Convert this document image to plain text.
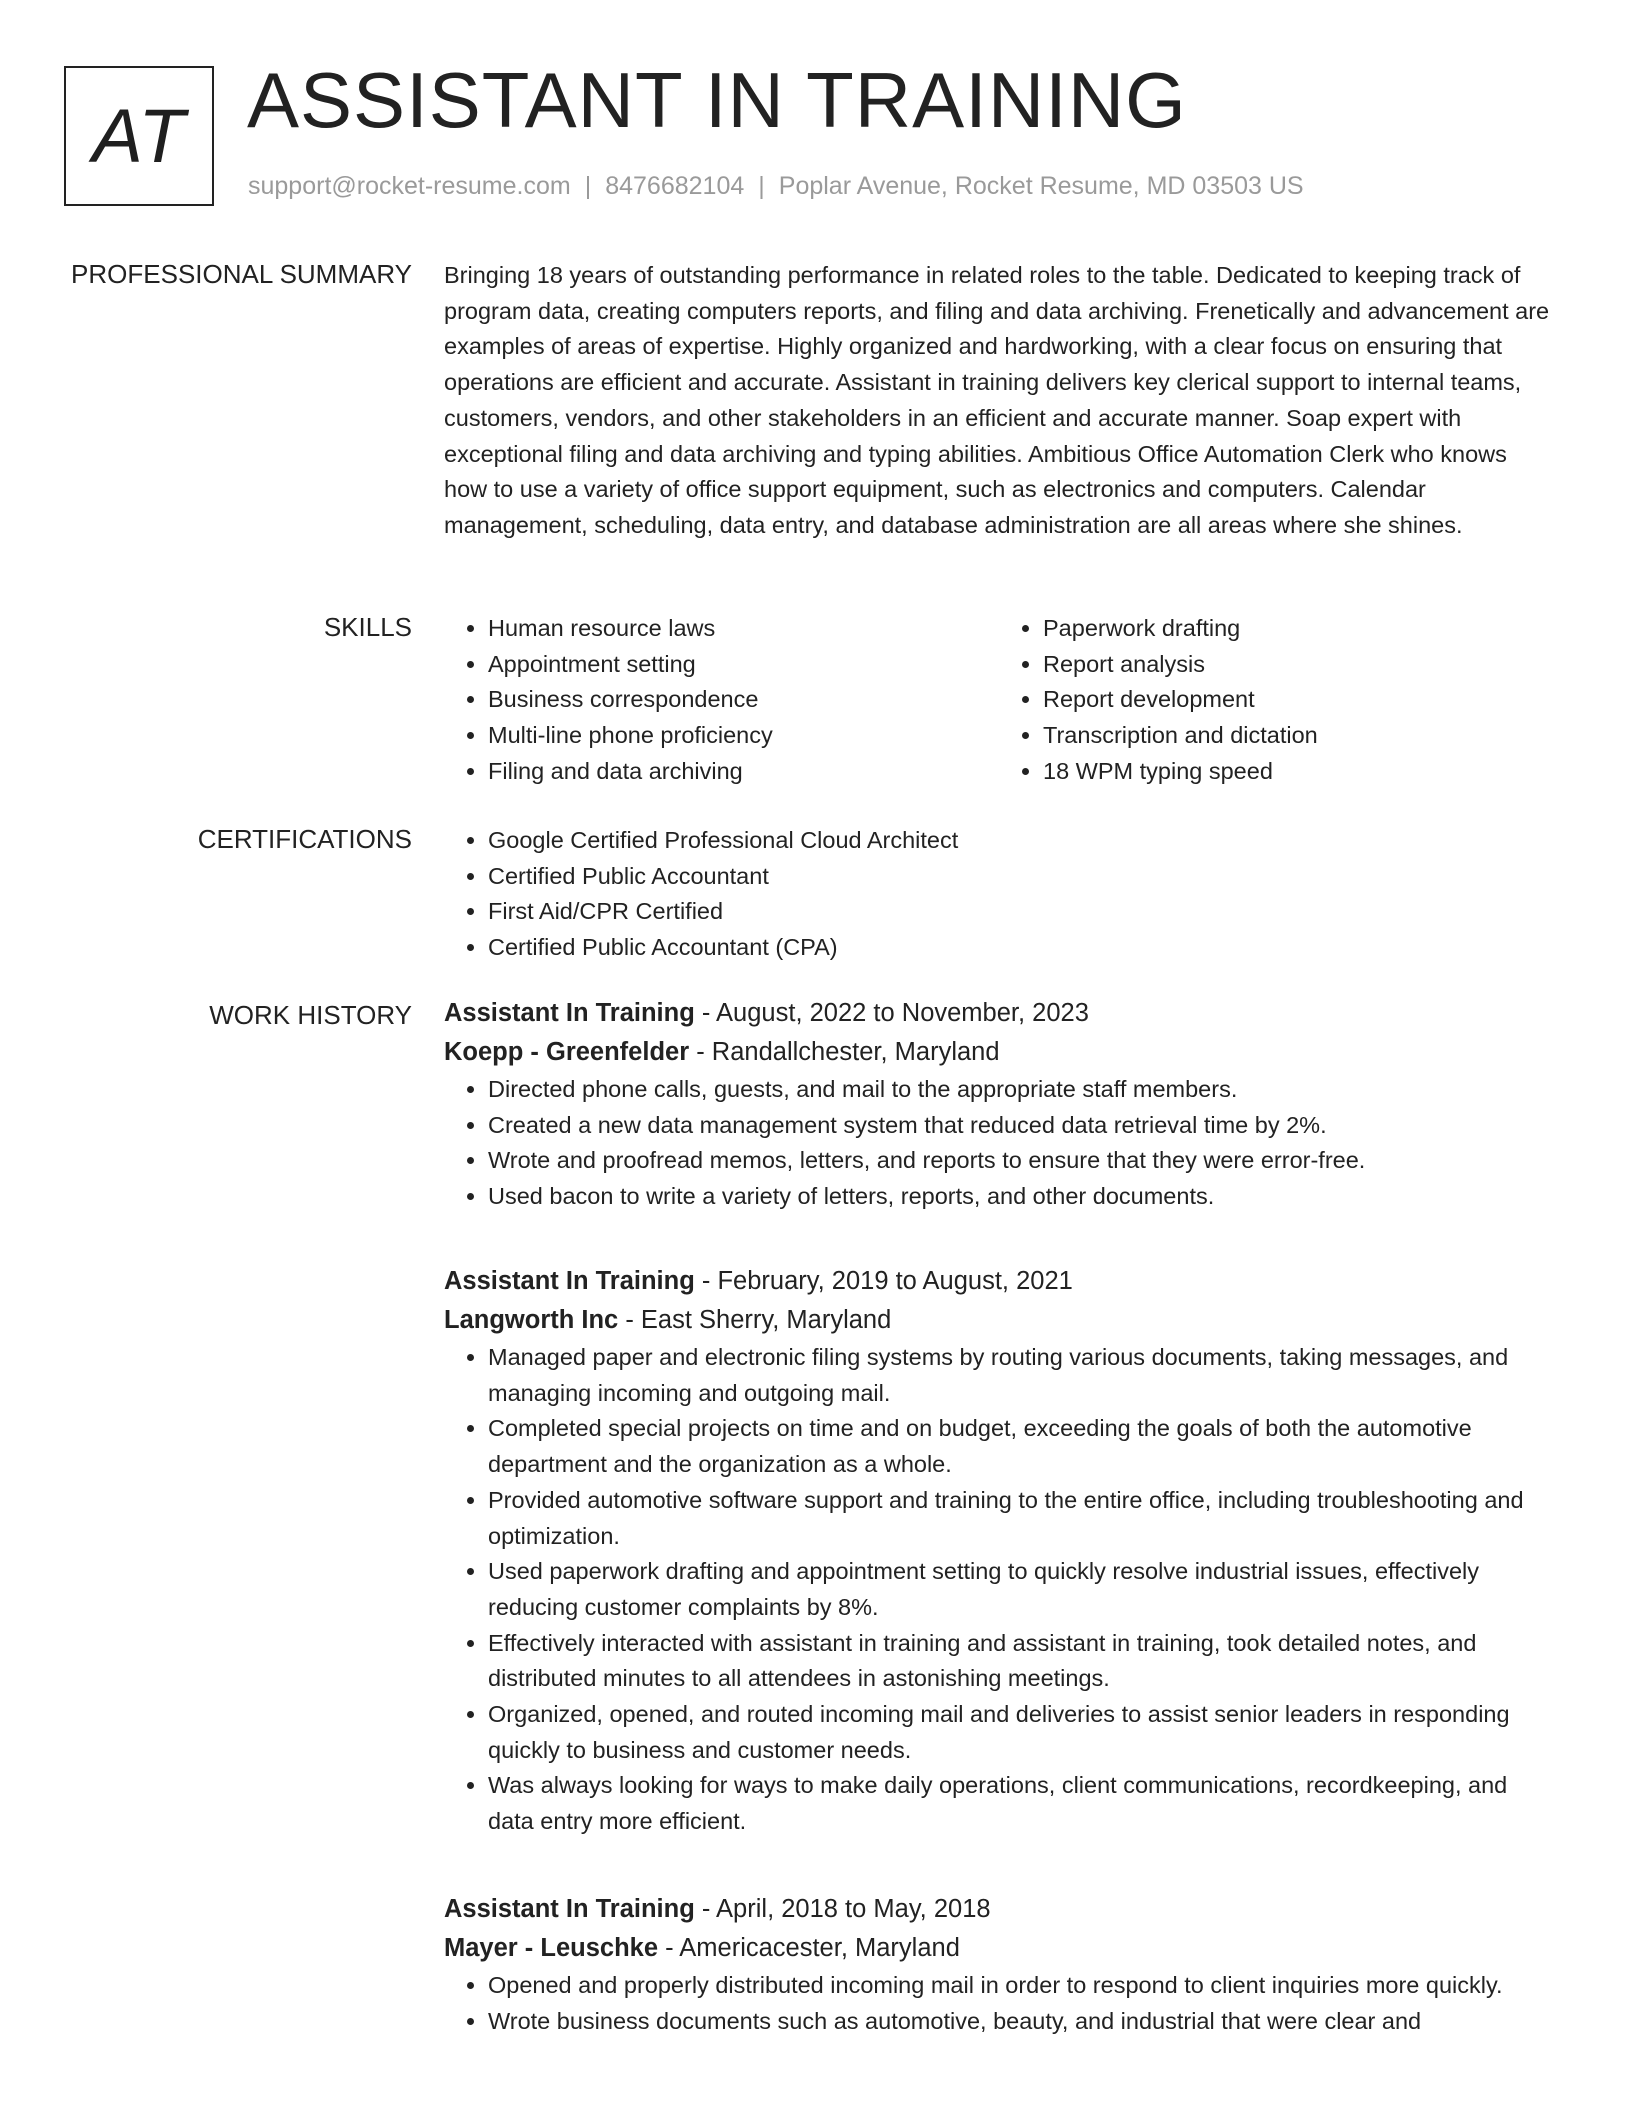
AT ASSISTANT IN TRAINING
support@rocket-resume.com | 8476682104 | Poplar Avenue, Rocket Resume, MD 03503 US
PROFESSIONAL SUMMARY Bringing 18 years of outstanding performance in related roles to the table. Dedicated to keeping track of program data, creating computers reports, and filing and data archiving. Frenetically and advancement are examples of areas of expertise. Highly organized and hardworking, with a clear focus on ensuring that operations are efficient and accurate. Assistant in training delivers key clerical support to internal teams, customers, vendors, and other stakeholders in an efficient and accurate manner. Soap expert with exceptional filing and data archiving and typing abilities. Ambitious Office Automation Clerk who knows how to use a variety of office support equipment, such as electronics and computers. Calendar management, scheduling, data entry, and database administration are all areas where she shines.
SKILLS	• Human resource laws
• Appointment setting
• Business correspondence
• Multi-line phone proficiency
• Filing and data archiving
• Paperwork drafting
• Report analysis
• Report development
• Transcription and dictation
• 18 WPM typing speed
CERTIFICATIONS	• Google Certified Professional Cloud Architect
• Certified Public Accountant
• First Aid/CPR Certified
• Certified Public Accountant (CPA)
WORK HISTORY Assistant In Training - August, 2022 to November, 2023
Koepp - Greenfelder - Randallchester, Maryland
• Directed phone calls, guests, and mail to the appropriate staff members.
• Created a new data management system that reduced data retrieval time by 2%.
• Wrote and proofread memos, letters, and reports to ensure that they were error-free.
• Used bacon to write a variety of letters, reports, and other documents.
Assistant In Training - February, 2019 to August, 2021
Langworth Inc - East Sherry, Maryland
• Managed paper and electronic filing systems by routing various documents, taking messages, and managing incoming and outgoing mail.
• Completed special projects on time and on budget, exceeding the goals of both the automotive department and the organization as a whole.
• Provided automotive software support and training to the entire office, including troubleshooting and optimization.
• Used paperwork drafting and appointment setting to quickly resolve industrial issues, effectively reducing customer complaints by 8%.
• Effectively interacted with assistant in training and assistant in training, took detailed notes, and distributed minutes to all attendees in astonishing meetings.
• Organized, opened, and routed incoming mail and deliveries to assist senior leaders in responding quickly to business and customer needs.
• Was always looking for ways to make daily operations, client communications, recordkeeping, and data entry more efficient.
Assistant In Training - April, 2018 to May, 2018
Mayer - Leuschke - Americacester, Maryland
• Opened and properly distributed incoming mail in order to respond to client inquiries more quickly.
• Wrote business documents such as automotive, beauty, and industrial that were clear and
